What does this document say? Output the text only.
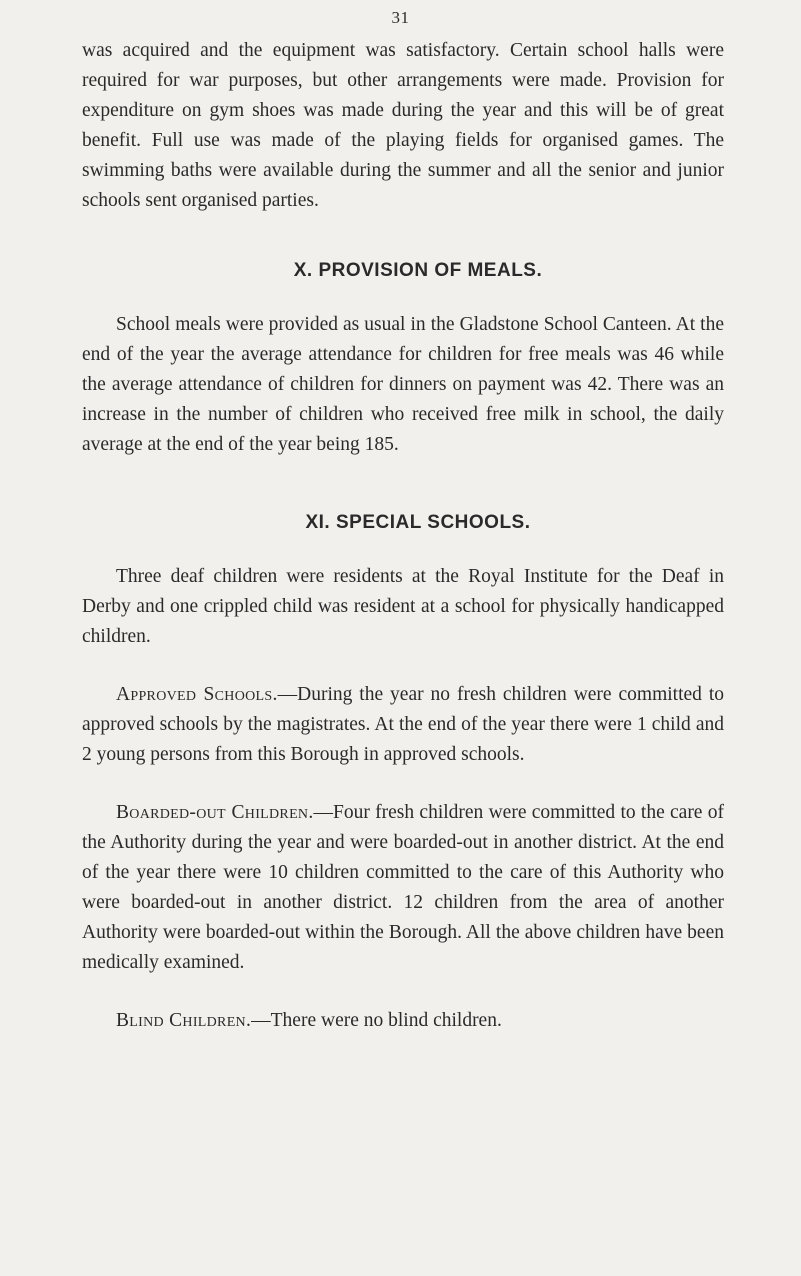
31

was acquired and the equipment was satisfactory. Certain school halls were required for war purposes, but other arrangements were made. Provision for expenditure on gym shoes was made during the year and this will be of great benefit. Full use was made of the playing fields for organised games. The swimming baths were available during the summer and all the senior and junior schools sent organised parties.

X. PROVISION OF MEALS.

School meals were provided as usual in the Gladstone School Canteen. At the end of the year the average attendance for children for free meals was 46 while the average attendance of children for dinners on payment was 42. There was an increase in the number of children who received free milk in school, the daily average at the end of the year being 185.

XI. SPECIAL SCHOOLS.

Three deaf children were residents at the Royal Institute for the Deaf in Derby and one crippled child was resident at a school for physically handicapped children.

Approved Schools.—During the year no fresh children were committed to approved schools by the magistrates. At the end of the year there were 1 child and 2 young persons from this Borough in approved schools.

Boarded-out Children.—Four fresh children were committed to the care of the Authority during the year and were boarded-out in another district. At the end of the year there were 10 children committed to the care of this Authority who were boarded-out in another district. 12 children from the area of another Authority were boarded-out within the Borough. All the above children have been medically examined.

Blind Children.—There were no blind children.
